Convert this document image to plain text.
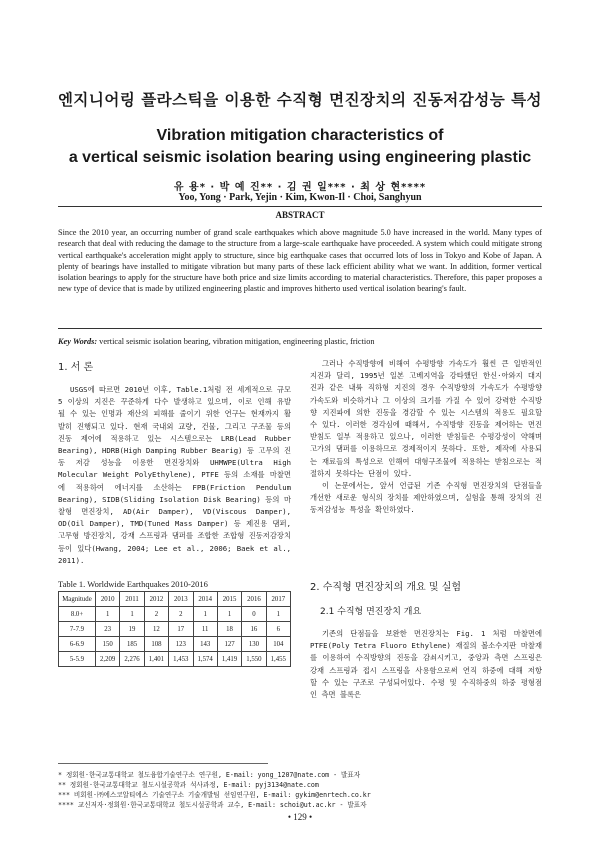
엔지니어링 플라스틱을 이용한 수직형 면진장치의 진동저감성능 특성
Vibration mitigation characteristics of
a vertical seismic isolation bearing using engineering plastic
유 용* · 박 예 진** · 김 권 일*** · 최 상 현****
Yoo, Yong · Park, Yejin · Kim, Kwon-Il · Choi, Sanghyun
ABSTRACT
Since the 2010 year, an occurring number of grand scale earthquakes which above magnitude 5.0 have increased in the world. Many types of research that deal with reducing the damage to the structure from a large-scale earthquake have proceeded. A system which could mitigate strong vertical earthquake's acceleration might apply to structure, since big earthquake cases that occurred lots of loss in Tokyo and Kobe of Japan. A plenty of bearings have installed to mitigate vibration but many parts of these lack efficient ability what we want. In addition, former vertical isolation bearings to apply for the structure have both price and size limits according to material characteristics. Therefore, this paper proposes a new type of device that is made by utilized engineering plastic and improves hitherto used vertical isolation bearing's fault.
Key Words: vertical seismic isolation bearing, vibration mitigation, engineering plastic, friction
1. 서 론

USGS에 따르면 2010년 이후, Table.1처럼 전 세계적으로 규모 5 이상의 지진은 꾸준하게 다수 발생하고 있으며, 이로 인해 유발 될 수 있는 인명과 재산의 피해를 줄이기 위한 연구는 현재까지 활발히 진행되고 있다. 현재 국내외 교량, 건물, 그리고 구조물 등의 진동 제어에 적용하고 있는 시스템으로는 LRB(Lead Rubber Bearing), HDRB(High Damping Rubber Bearig) 등 고무의 진동 저감 성능을 이용한 면진장치와 UHMWPE(Ultra High Molecular Weight PolyEthylene), PTFE 등의 소재를 마찰면에 적용하여 에너지를 소산하는 FPB(Friction Pendulum Bearing), SIDB(Sliding Isolation Disk Bearing) 등의 마찰형 면진장치, AD(Air Damper), VD(Viscous Damper), OD(Oil Damper), TMD(Tuned Mass Damper) 등 제진용 댐퍼, 고무형 방진장치, 강재 스프링과 댐퍼를 조합한 조합형 진동저감장치 등이 있다(Hwang, 2004; Lee et al., 2006; Baek et al., 2011).

Table 1. Worldwide Earthquakes 2010-2016
Magnitude	2010	2011	2012	2013	2014	2015	2016	2017
8.0+	1	1	2	2	1	1	0	1
7-7.9	23	19	12	17	11	18	16	6
6-6.9	150	185	108	123	143	127	130	104
5-5.9	2,209	2,276	1,401	1,453	1,574	1,419	1,550	1,455

그러나 수직방향에 비해여 수평방향 가속도가 훨씬 큰 일반적인 지진과 달리, 1995년 일본 고베지역을 강타했던 한신·아와지 대지진과 같은 내륙 직하형 지진의 경우 수직방향의 가속도가 수평방향 가속도와 비슷하거나 그 이상의 크기를 가질 수 있어 강력한 수직방향 지진파에 의한 진동을 경감할 수 있는 시스템의 적용도 필요할 수 있다. 이러한 경각심에 때해서, 수직방향 진동을 제어하는 면진받침도 일부 적용하고 있으나, 이러한 받침들은 수평강성이 약해며 고가의 댐퍼를 이용하므로 경제적이지 못하다. 또한, 제작에 사용되는 재료들의 특성으로 인해여 대형구조물에 적용하는 받침으로는 적절하지 못하다는 단점이 있다.

이 논문에서는, 앞서 언급된 기존 수직형 면진장치의 단점들을 개선한 새로운 형식의 장치를 제안하였으며, 실험을 통해 장치의 진동저감성능 특성을 확인하였다.

2. 수직형 면진장치의 개요 및 실험
2.1 수직형 면진장치 개요

기존의 단점들을 보완한 면진장치는 Fig. 1 처럼 마찰면에 PTFE(Poly Tetra Fluoro Ethylene) 재질의 볼소수지판 마찰재를 이용하여 수직방향의 진동을 감쇠시키고, 중앙과 측면 스프링은 강재 스프링과 접시 스프링을 사용함으로써 연직 하중에 대해 저항할 수 있는 구조로 구성되어있다. 수평 및 수직하중의 하중 평형점인 측면 블록은

* 정회원·한국교통대학교 철도융합기술연구소 연구원, E-mail: yong_1207@nate.com - 발표자
** 정회원·한국교통대학교 철도시설공학과 석사과정, E-mail: pyj3134@nate.com
*** 비회원·㈜에스코알티에스 기술연구소 기술개발팀 선임연구원, E-mail: gykim@enrtech.co.kr
**** 교신저자·정회원·한국교통대학교 철도시설공학과 교수, E-mail: schoi@ut.ac.kr - 발표자
• 129 •
